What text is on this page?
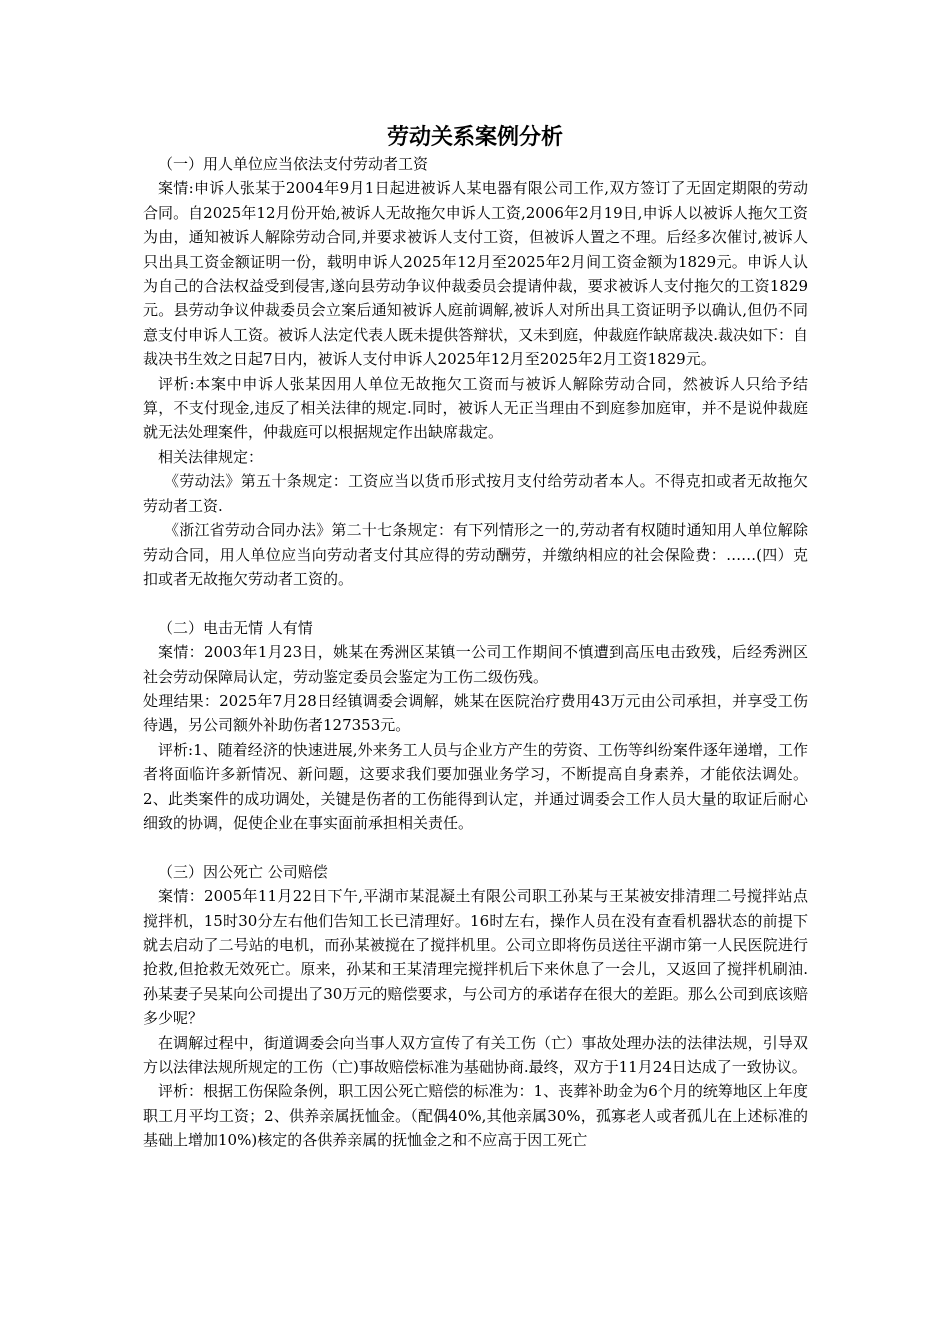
劳动关系案例分析

（一）用人单位应当依法支付劳动者工资

案情:申诉人张某于2004年9月1日起进被诉人某电器有限公司工作,双方签订了无固定期限的劳动合同。自2025年12月份开始,被诉人无故拖欠申诉人工资,2006年2月19日,申诉人以被诉人拖欠工资为由，通知被诉人解除劳动合同,并要求被诉人支付工资，但被诉人置之不理。后经多次催讨,被诉人只出具工资金额证明一份，载明申诉人2025年12月至2025年2月间工资金额为1829元。申诉人认为自己的合法权益受到侵害,遂向县劳动争议仲裁委员会提请仲裁，要求被诉人支付拖欠的工资1829元。县劳动争议仲裁委员会立案后通知被诉人庭前调解,被诉人对所出具工资证明予以确认,但仍不同意支付申诉人工资。被诉人法定代表人既未提供答辩状，又未到庭，仲裁庭作缺席裁决.裁决如下：自裁决书生效之日起7日内，被诉人支付申诉人2025年12月至2025年2月工资1829元。

评析:本案中申诉人张某因用人单位无故拖欠工资而与被诉人解除劳动合同，然被诉人只给予结算，不支付现金,违反了相关法律的规定.同时，被诉人无正当理由不到庭参加庭审，并不是说仲裁庭就无法处理案件，仲裁庭可以根据规定作出缺席裁定。

相关法律规定：

《劳动法》第五十条规定：工资应当以货币形式按月支付给劳动者本人。不得克扣或者无故拖欠劳动者工资.

《浙江省劳动合同办法》第二十七条规定：有下列情形之一的,劳动者有权随时通知用人单位解除劳动合同，用人单位应当向劳动者支付其应得的劳动酬劳，并缴纳相应的社会保险费：……(四）克扣或者无故拖欠劳动者工资的。

（二）电击无情 人有情

案情：2003年1月23日，姚某在秀洲区某镇一公司工作期间不慎遭到高压电击致残，后经秀洲区社会劳动保障局认定，劳动鉴定委员会鉴定为工伤二级伤残。

处理结果：2025年7月28日经镇调委会调解，姚某在医院治疗费用43万元由公司承担，并享受工伤待遇，另公司额外补助伤者127353元。

评析:1、随着经济的快速进展,外来务工人员与企业方产生的劳资、工伤等纠纷案件逐年递增，工作者将面临许多新情况、新问题，这要求我们要加强业务学习，不断提高自身素养，才能依法调处。2、此类案件的成功调处，关键是伤者的工伤能得到认定，并通过调委会工作人员大量的取证后耐心细致的协调，促使企业在事实面前承担相关责任。

（三）因公死亡 公司赔偿

案情：2005年11月22日下午,平湖市某混凝土有限公司职工孙某与王某被安排清理二号搅拌站点搅拌机，15时30分左右他们告知工长已清理好。16时左右，操作人员在没有查看机器状态的前提下就去启动了二号站的电机，而孙某被搅在了搅拌机里。公司立即将伤员送往平湖市第一人民医院进行抢救,但抢救无效死亡。原来，孙某和王某清理完搅拌机后下来休息了一会儿，又返回了搅拌机刷油.孙某妻子吴某向公司提出了30万元的赔偿要求，与公司方的承诺存在很大的差距。那么公司到底该赔多少呢？

在调解过程中，街道调委会向当事人双方宣传了有关工伤（亡）事故处理办法的法律法规，引导双方以法律法规所规定的工伤（亡)事故赔偿标准为基础协商.最终，双方于11月24日达成了一致协议。

评析：根据工伤保险条例，职工因公死亡赔偿的标准为：1、丧葬补助金为6个月的统筹地区上年度职工月平均工资；2、供养亲属抚恤金。（配偶40%,其他亲属30%，孤寡老人或者孤儿在上述标准的基础上增加10%)核定的各供养亲属的抚恤金之和不应高于因工死亡
